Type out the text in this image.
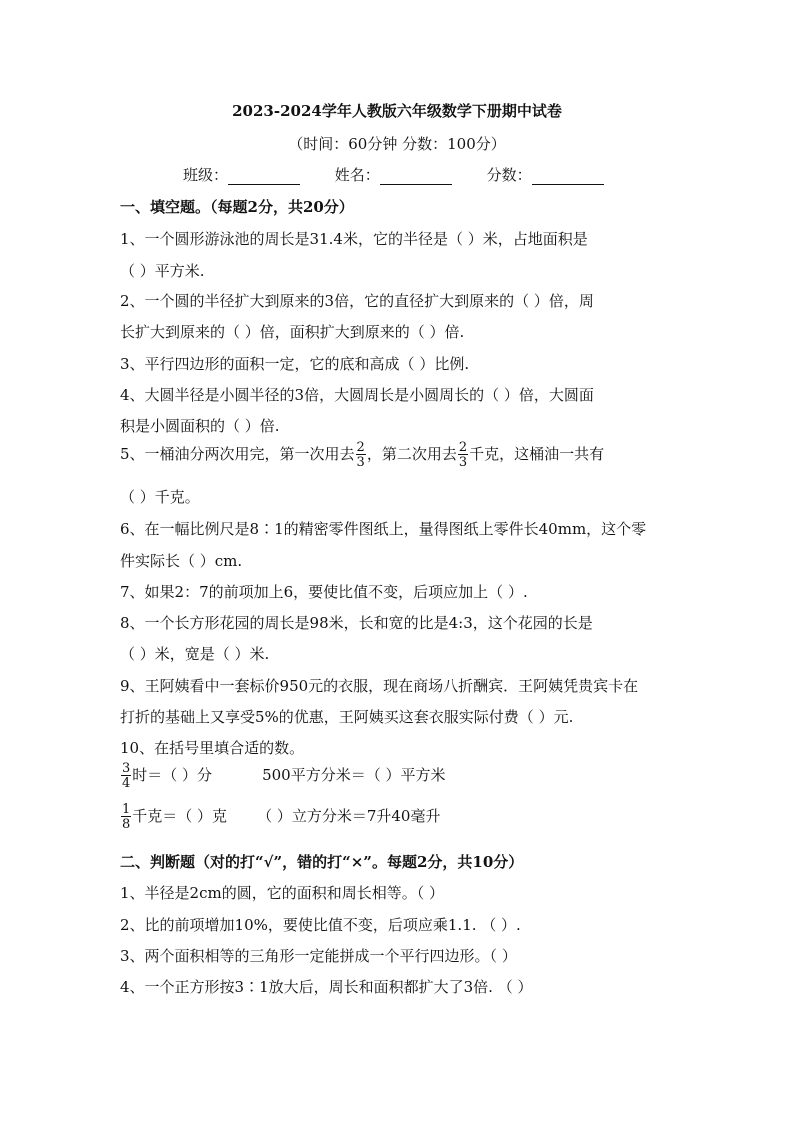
2023-2024学年人教版六年级数学下册期中试卷
（时间：60分钟 分数：100分）
班级：	姓名：	分数：
一、填空题。（每题2分，共20分）
1、一个圆形游泳池的周长是31.4米，它的半径是（ ）米，占地面积是
（ ）平方米.
2、一个圆的半径扩大到原来的3倍，它的直径扩大到原来的（ ）倍，周
长扩大到原来的（ ）倍，面积扩大到原来的（ ）倍.
3、平行四边形的面积一定，它的底和高成（ ）比例.
4、大圆半径是小圆半径的3倍，大圆周长是小圆周长的（ ）倍，大圆面
积是小圆面积的（ ）倍.
5、一桶油分两次用完，第一次用去 $\frac{2}{3}$ ，第二次用去 $\frac{2}{3}$ 千克，这桶油一共有
（ ）千克。
6、在一幅比例尺是8∶1的精密零件图纸上，量得图纸上零件长40mm，这个零
件实际长（ ）cm.
7、如果2：7的前项加上6，要使比值不变，后项应加上（ ）.
8、一个长方形花园的周长是98米，长和宽的比是4:3，这个花园的长是
（ ）米，宽是（ ）米.
9、王阿姨看中一套标价950元的衣服，现在商场八折酬宾．王阿姨凭贵宾卡在
打折的基础上又享受5%的优惠，王阿姨买这套衣服实际付费（ ）元.
10、在括号里填合适的数。
$\frac{3}{4}$ 时＝（ ）分	500平方分米＝（ ）平方米
$\frac{1}{8}$ 千克＝（ ）克 （ ）立方分米＝7升40毫升
二、判断题（对的打“√”，错的打“×”。每题2分，共10分）
1、半径是2cm的圆，它的面积和周长相等。（ ）
2、比的前项增加10%，要使比值不变，后项应乘1.1. （ ）.
3、两个面积相等的三角形一定能拼成一个平行四边形。（ ）
4、一个正方形按3∶1放大后，周长和面积都扩大了3倍. （ ）
